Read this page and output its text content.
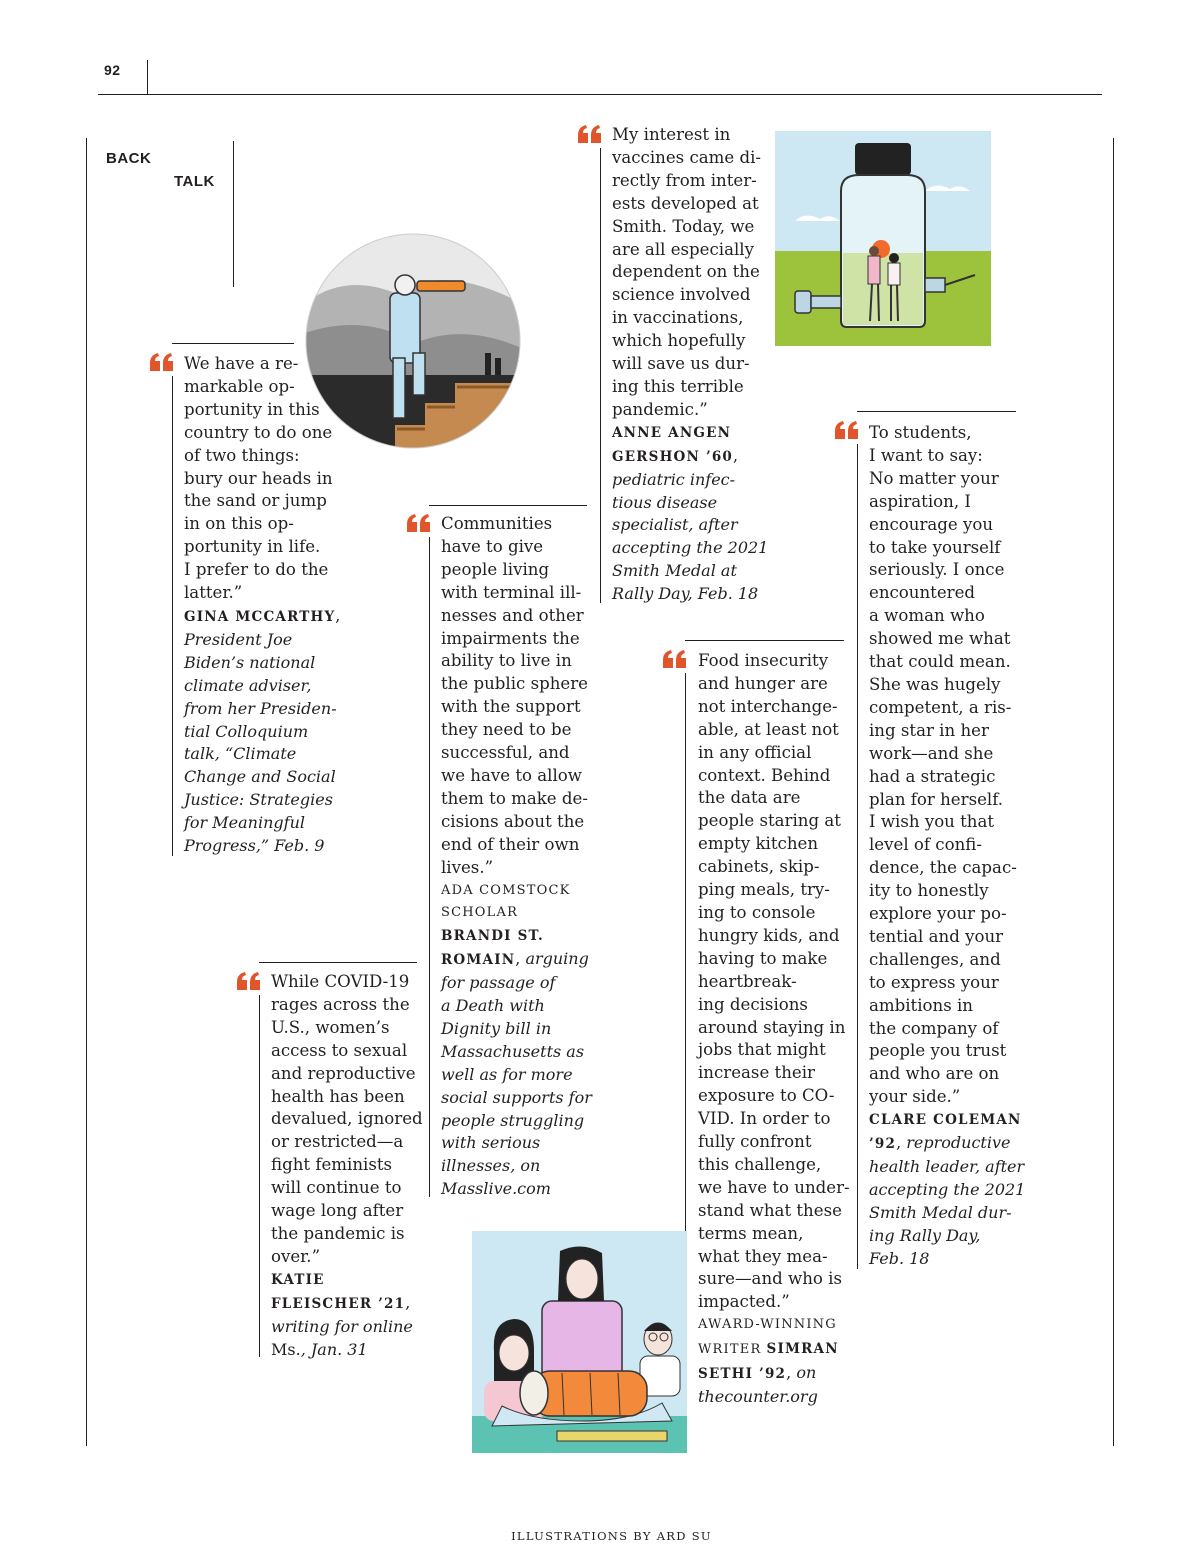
92
BACK
TALK
We have a re-
markable op-
portunity in this
country to do one
of two things:
bury our heads in
the sand or jump
in on this op-
portunity in life.
I prefer to do the
latter.”
GINA MCCARTHY,
President Joe
Biden’s national
climate adviser,
from her Presiden-
tial Colloquium
talk, “Climate
Change and Social
Justice: Strategies
for Meaningful
Progress,” Feb. 9
While COVID-19
rages across the
U.S., women’s
access to sexual
and reproductive
health has been
devalued, ignored
or restricted—a
fight feminists
will continue to
wage long after
the pandemic is
over.”
KATIE
FLEISCHER ’21,
writing for online
Ms., Jan. 31
Communities
have to give
people living
with terminal ill-
nesses and other
impairments the
ability to live in
the public sphere
with the support
they need to be
successful, and
we have to allow
them to make de-
cisions about the
end of their own
lives.”
ADA COMSTOCK
SCHOLAR
BRANDI ST.
ROMAIN, arguing
for passage of
a Death with
Dignity bill in
Massachusetts as
well as for more
social supports for
people struggling
with serious
illnesses, on
Masslive.com
My interest in
vaccines came di-
rectly from inter-
ests developed at
Smith. Today, we
are all especially
dependent on the
science involved
in vaccinations,
which hopefully
will save us dur-
ing this terrible
pandemic.”
ANNE ANGEN
GERSHON ’60,
pediatric infec-
tious disease
specialist, after
accepting the 2021
Smith Medal at
Rally Day, Feb. 18
Food insecurity
and hunger are
not interchange-
able, at least not
in any official
context. Behind
the data are
people staring at
empty kitchen
cabinets, skip-
ping meals, try-
ing to console
hungry kids, and
having to make
heartbreak-
ing decisions
around staying in
jobs that might
increase their
exposure to CO-
VID. In order to
fully confront
this challenge,
we have to under-
stand what these
terms mean,
what they mea-
sure—and who is
impacted.”
AWARD-WINNING
WRITER SIMRAN
SETHI ’92, on
thecounter.org
To students,
I want to say:
No matter your
aspiration, I
encourage you
to take yourself
seriously. I once
encountered
a woman who
showed me what
that could mean.
She was hugely
competent, a ris-
ing star in her
work—and she
had a strategic
plan for herself.
I wish you that
level of confi-
dence, the capac-
ity to honestly
explore your po-
tential and your
challenges, and
to express your
ambitions in
the company of
people you trust
and who are on
your side.”
CLARE COLEMAN
’92, reproductive
health leader, after
accepting the 2021
Smith Medal dur-
ing Rally Day,
Feb. 18
ILLUSTRATIONS BY ARD SU
